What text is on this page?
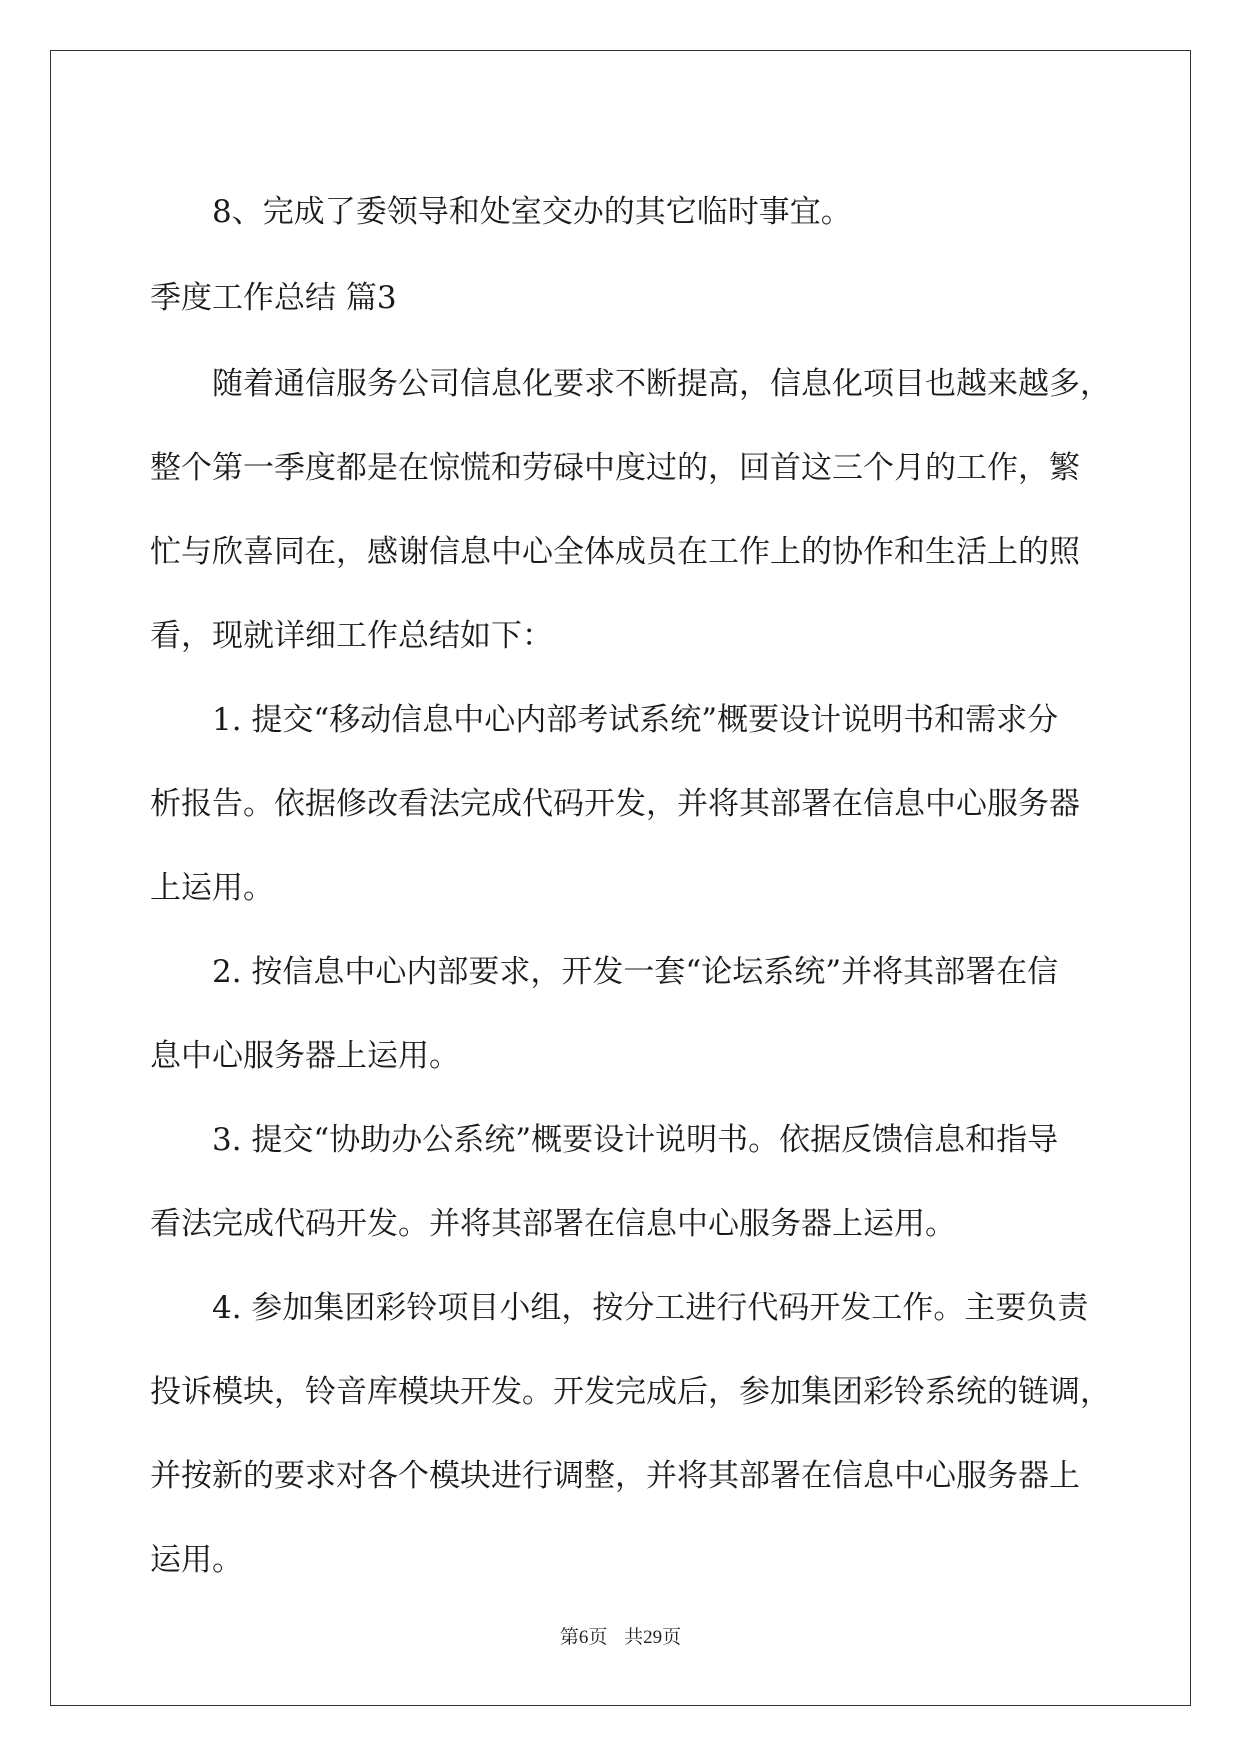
8、完成了委领导和处室交办的其它临时事宜。

季度工作总结 篇3

随着通信服务公司信息化要求不断提高，信息化项目也越来越多，
整个第一季度都是在惊慌和劳碌中度过的，回首这三个月的工作，繁
忙与欣喜同在，感谢信息中心全体成员在工作上的协作和生活上的照
看，现就详细工作总结如下：

1. 提交“移动信息中心内部考试系统”概要设计说明书和需求分
析报告。依据修改看法完成代码开发，并将其部署在信息中心服务器
上运用。

2. 按信息中心内部要求，开发一套“论坛系统”并将其部署在信
息中心服务器上运用。

3. 提交“协助办公系统”概要设计说明书。依据反馈信息和指导
看法完成代码开发。并将其部署在信息中心服务器上运用。

4. 参加集团彩铃项目小组，按分工进行代码开发工作。主要负责
投诉模块，铃音库模块开发。开发完成后，参加集团彩铃系统的链调，
并按新的要求对各个模块进行调整，并将其部署在信息中心服务器上
运用。

第6页 共29页
